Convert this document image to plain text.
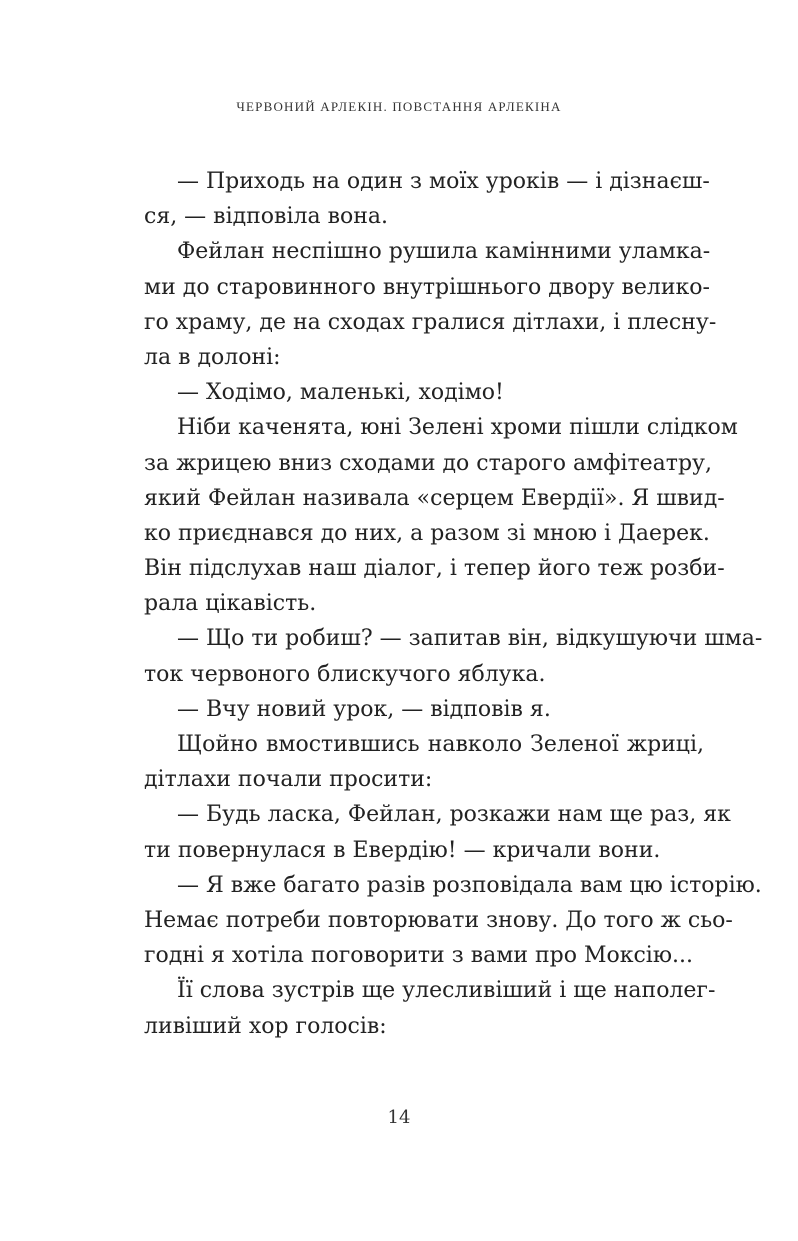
ЧЕРВОНИЙ АРЛЕКІН. ПОВСТАННЯ АРЛЕКІНА
— Приходь на один з моїх уроків — і дізнаєш-
ся, — відповіла вона.
Фейлан неспішно рушила камінними уламка-
ми до старовинного внутрішнього двору велико-
го храму, де на сходах гралися дітлахи, і плесну-
ла в долоні:
— Ходімо, маленькі, ходімо!
Ніби каченята, юні Зелені хроми пішли слідком
за жрицею вниз сходами до старого амфітеатру,
який Фейлан називала «серцем Евердії». Я швид-
ко приєднався до них, а разом зі мною і Даерек.
Він підслухав наш діалог, і тепер його теж розби-
рала цікавість.
— Що ти робиш? — запитав він, відкушуючи шма-
ток червоного блискучого яблука.
— Вчу новий урок, — відповів я.
Щойно вмостившись навколо Зеленої жриці,
дітлахи почали просити:
— Будь ласка, Фейлан, розкажи нам ще раз, як
ти повернулася в Евердію! — кричали вони.
— Я вже багато разів розповідала вам цю історію.
Немає потреби повторювати знову. До того ж сьо-
годні я хотіла поговорити з вами про Моксію...
Її слова зустрів ще улесливіший і ще наполег-
ливіший хор голосів:
14
